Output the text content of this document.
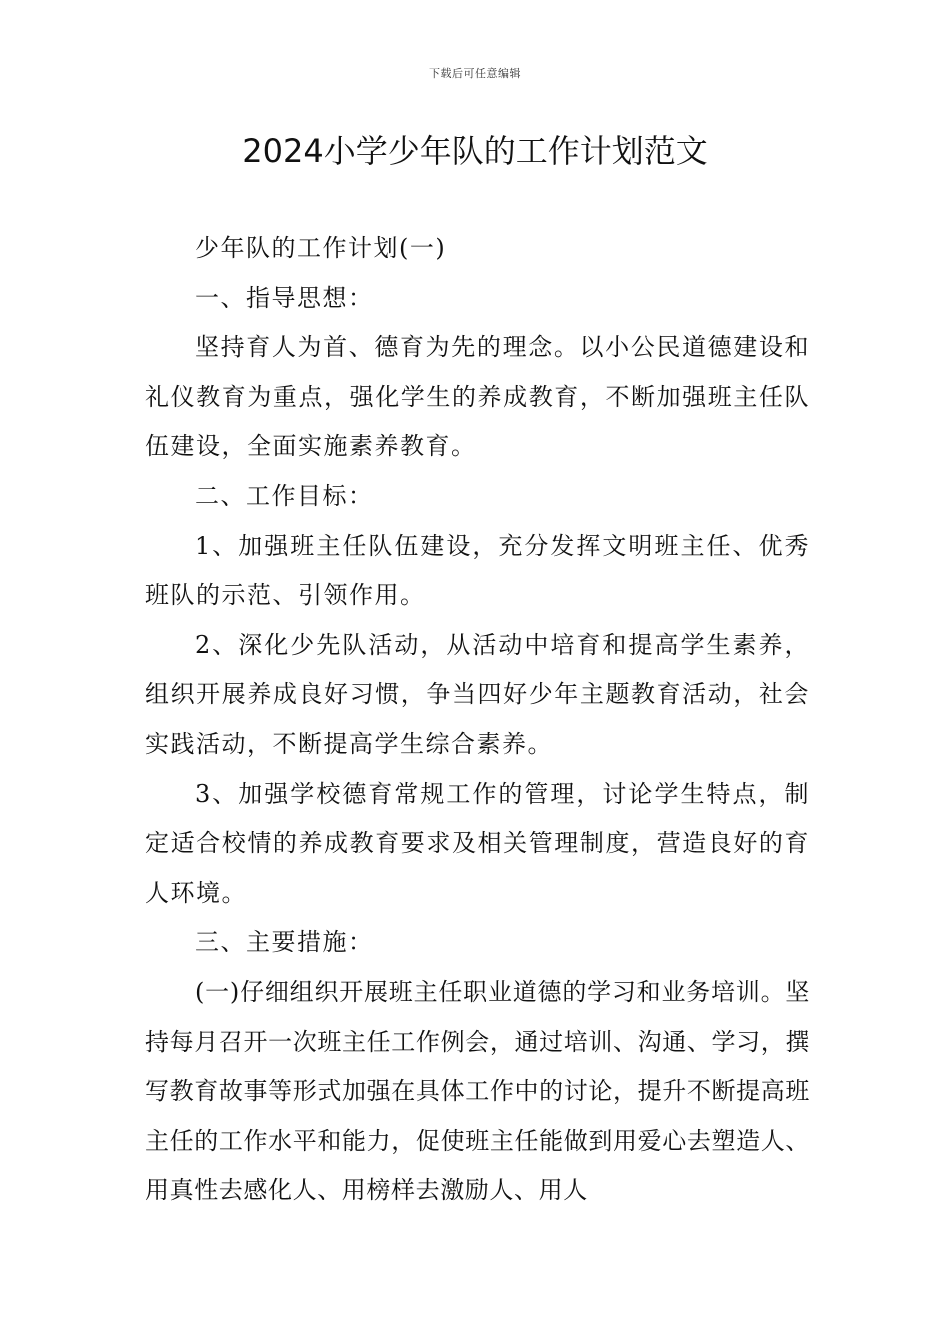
下载后可任意编辑
2024小学少年队的工作计划范文

少年队的工作计划(一)

一、指导思想：

坚持育人为首、德育为先的理念。以小公民道德建设和礼仪教育为重点，强化学生的养成教育，不断加强班主任队伍建设，全面实施素养教育。

二、工作目标：

1、加强班主任队伍建设，充分发挥文明班主任、优秀班队的示范、引领作用。

2、深化少先队活动，从活动中培育和提高学生素养，组织开展养成良好习惯，争当四好少年主题教育活动，社会实践活动，不断提高学生综合素养。

3、加强学校德育常规工作的管理，讨论学生特点，制定适合校情的养成教育要求及相关管理制度，营造良好的育人环境。

三、主要措施：

(一)仔细组织开展班主任职业道德的学习和业务培训。坚持每月召开一次班主任工作例会，通过培训、沟通、学习，撰写教育故事等形式加强在具体工作中的讨论，提升不断提高班主任的工作水平和能力，促使班主任能做到用爱心去塑造人、用真性去感化人、用榜样去激励人、用人
